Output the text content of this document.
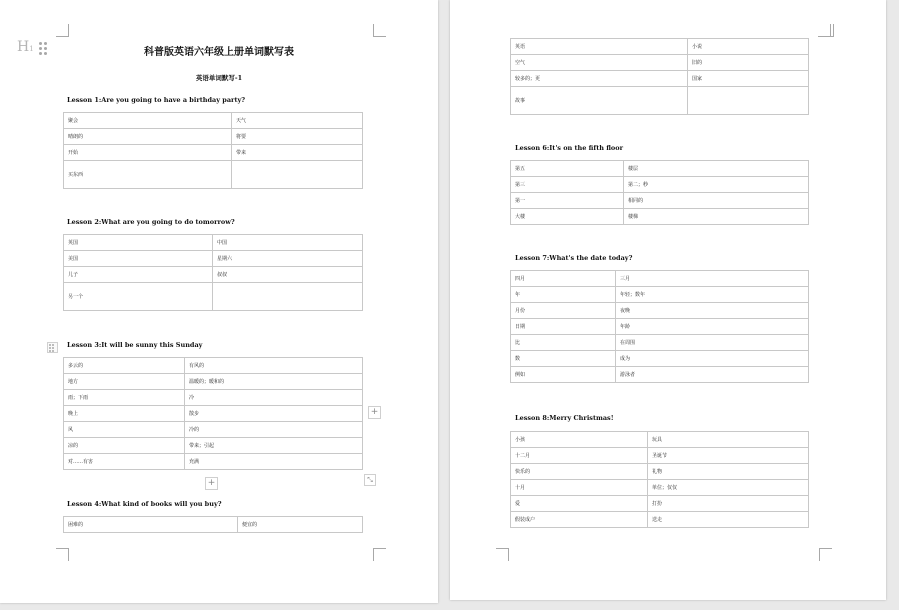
H1	科普版英语六年级上册单词默写表
英语单词默写-1
Lesson 1:Are you going to have a birthday party?
聚会	天气
晴朗的	将要
开始	带来
买东西	
Lesson 2:What are you going to do tomorrow?
英国	中国
美国	星期六
儿子	叔叔
另一个	
Lesson 3:It will be sunny this Sunday
多云的	有风的
地方	温暖的；暖和的
雨；下雨	冷
晚上	散步
风	冷的
凉的	带来；引起
对……有害	充满
+
+	⤡
Lesson 4:What kind of books will you buy?
困难的	便宜的
英语	小说
空气	旧的
较多的；更	国家
故事	
Lesson 6:It's on the fifth floor
第五	楼层
第三	第二；秒
第一	相同的
大楼	楼梯
Lesson 7:What's the date today?
四月	三月
年	年轻；数年
月份	夜晚
日期	年龄
比	在周围
数	成为
例如	游泳者
Lesson 8:Merry Christmas!
小孩	玩具
十二月	圣诞节
快乐的	礼物
十月	单位；仅仅
爱	打扮
假装成户	送走
